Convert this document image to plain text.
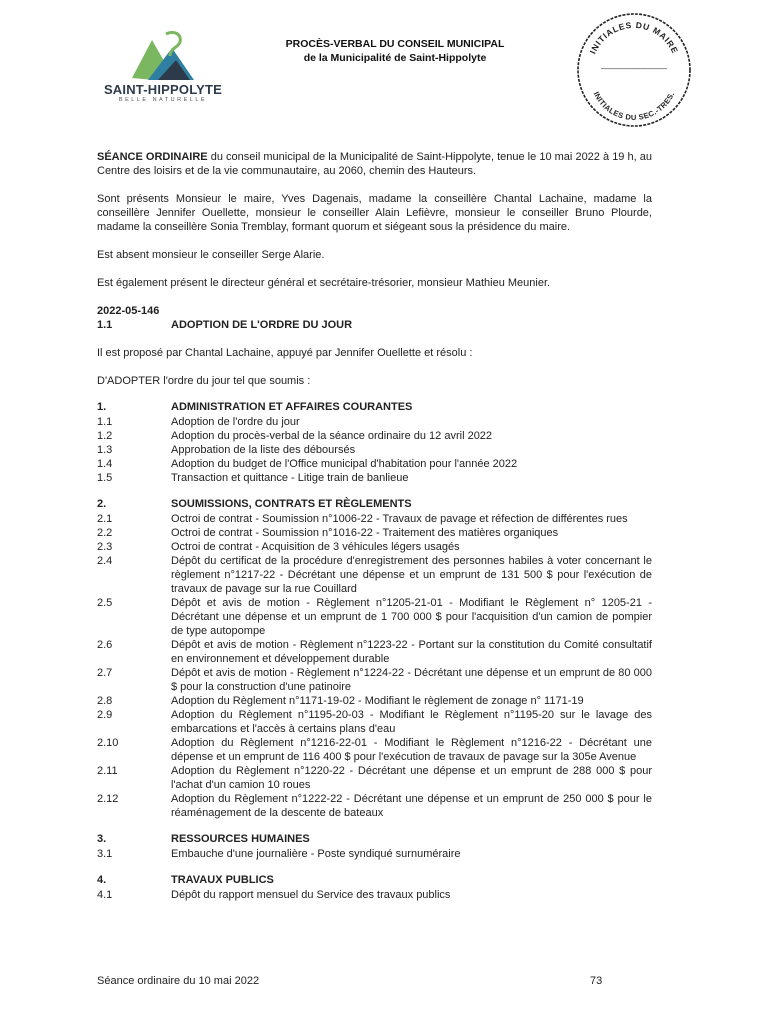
SAINT-HIPPOLYTE
BELLE NATURELLE
PROCÈS-VERBAL DU CONSEIL MUNICIPAL
de la Municipalité de Saint-Hippolyte
INITIALES DU MAIRE
__________
INITIALES DU SEC.-TRES.

SÉANCE ORDINAIRE du conseil municipal de la Municipalité de Saint-Hippolyte, tenue le 10 mai 2022 à 19 h, au Centre des loisirs et de la vie communautaire, au 2060, chemin des Hauteurs.

Sont présents Monsieur le maire, Yves Dagenais, madame la conseillère Chantal Lachaine, madame la conseillère Jennifer Ouellette, monsieur le conseiller Alain Lefièvre, monsieur le conseiller Bruno Plourde, madame la conseillère Sonia Tremblay, formant quorum et siégeant sous la présidence du maire.

Est absent monsieur le conseiller Serge Alarie.

Est également présent le directeur général et secrétaire-trésorier, monsieur Mathieu Meunier.

2022-05-146
1.1	ADOPTION DE L'ORDRE DU JOUR

Il est proposé par Chantal Lachaine, appuyé par Jennifer Ouellette et résolu :

D'ADOPTER l'ordre du jour tel que soumis :

1.	ADMINISTRATION ET AFFAIRES COURANTES
1.1	Adoption de l'ordre du jour
1.2	Adoption du procès-verbal de la séance ordinaire du 12 avril 2022
1.3	Approbation de la liste des déboursés
1.4	Adoption du budget de l'Office municipal d'habitation pour l'année 2022
1.5	Transaction et quittance - Litige train de banlieue
2.	SOUMISSIONS, CONTRATS ET RÈGLEMENTS
2.1	Octroi de contrat - Soumission n°1006-22 - Travaux de pavage et réfection de différentes rues
2.2	Octroi de contrat - Soumission n°1016-22 - Traitement des matières organiques
2.3	Octroi de contrat - Acquisition de 3 véhicules légers usagés
2.4	Dépôt du certificat de la procédure d'enregistrement des personnes habiles à voter concernant le règlement n°1217-22 - Décrétant une dépense et un emprunt de 131 500 $ pour l'exécution de travaux de pavage sur la rue Couillard
2.5	Dépôt et avis de motion - Règlement n°1205-21-01 - Modifiant le Règlement n° 1205-21 - Décrétant une dépense et un emprunt de 1 700 000 $ pour l'acquisition d'un camion de pompier de type autopompe
2.6	Dépôt et avis de motion - Règlement n°1223-22 - Portant sur la constitution du Comité consultatif en environnement et développement durable
2.7	Dépôt et avis de motion - Règlement n°1224-22 - Décrétant une dépense et un emprunt de 80 000 $ pour la construction d'une patinoire
2.8	Adoption du Règlement n°1171-19-02 - Modifiant le règlement de zonage n° 1171-19
2.9	Adoption du Règlement n°1195-20-03 - Modifiant le Règlement n°1195-20 sur le lavage des embarcations et l'accès à certains plans d'eau
2.10	Adoption du Règlement n°1216-22-01 - Modifiant le Règlement n°1216-22 - Décrétant une dépense et un emprunt de 116 400 $ pour l'exécution de travaux de pavage sur la 305e Avenue
2.11	Adoption du Règlement n°1220-22 - Décrétant une dépense et un emprunt de 288 000 $ pour l'achat d'un camion 10 roues
2.12	Adoption du Règlement n°1222-22 - Décrétant une dépense et un emprunt de 250 000 $ pour le réaménagement de la descente de bateaux
3.	RESSOURCES HUMAINES
3.1	Embauche d'une journalière - Poste syndiqué surnuméraire
4.	TRAVAUX PUBLICS
4.1	Dépôt du rapport mensuel du Service des travaux publics
Séance ordinaire du 10 mai 2022	73
